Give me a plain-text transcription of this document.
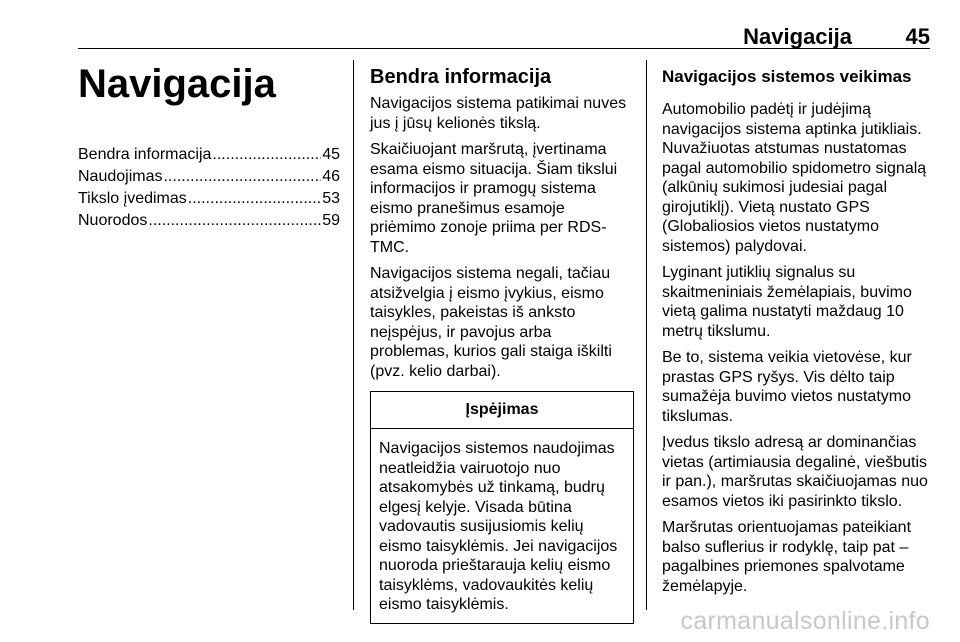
Navigacija 45
Navigacija
Bendra informacija .....	45
Naudojimas .....	46
Tikslo įvedimas .....	53
Nuorodos .....	59
Bendra informacija

Navigacijos sistema patikimai nuves jus į jūsų kelionės tikslą.

Skaičiuojant maršrutą, įvertinama esama eismo situacija. Šiam tikslui informacijos ir pramogų sistema eismo pranešimus esamoje priėmimo zonoje priima per RDS-TMC.

Navigacijos sistema negali, tačiau atsižvelgia į eismo įvykius, eismo taisykles, pakeistas iš anksto neįspėjus, ir pavojus arba problemas, kurios gali staiga iškilti (pvz. kelio darbai).

Įspėjimas
Navigacijos sistemos naudojimas neatleidžia vairuotojo nuo atsakomybės už tinkamą, budrų elgesį kelyje. Visada būtina vadovautis susijusiomis kelių eismo taisyklėmis. Jei navigacijos nuoroda prieštarauja kelių eismo taisyklėms, vadovaukitės kelių eismo taisyklėmis.
Navigacijos sistemos veikimas

Automobilio padėtį ir judėjimą navigacijos sistema aptinka jutikliais. Nuvažiuotas atstumas nustatomas pagal automobilio spidometro signalą (alkūnių sukimosi judesiai pagal girojutiklį). Vietą nustato GPS (Globaliosios vietos nustatymo sistemos) palydovai.

Lyginant jutiklių signalus su skaitmeniniais žemėlapiais, buvimo vietą galima nustatyti maždaug 10 metrų tikslumu.

Be to, sistema veikia vietovėse, kur prastas GPS ryšys. Vis dėlto taip sumažėja buvimo vietos nustatymo tikslumas.

Įvedus tikslo adresą ar dominančias vietas (artimiausia degalinė, viešbutis ir pan.), maršrutas skaičiuojamas nuo esamos vietos iki pasirinkto tikslo.

Maršrutas orientuojamas pateikiant balso suflerius ir rodyklę, taip pat – pagalbines priemones spalvotame žemėlapyje.

carmanualsonline.info
